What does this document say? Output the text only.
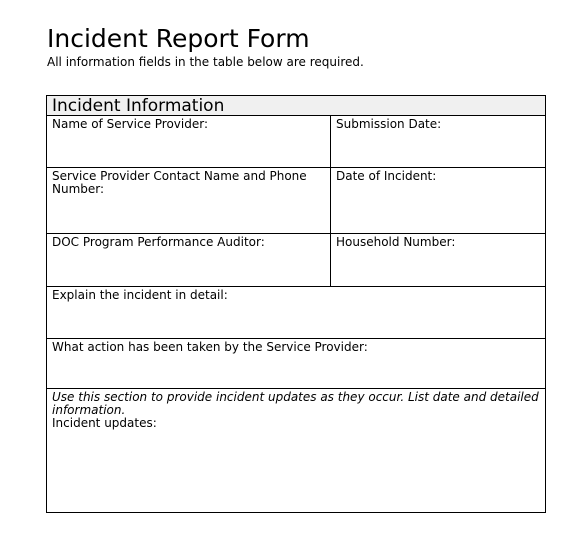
Incident Report Form
All information fields in the table below are required.
Incident Information
Name of Service Provider:	Submission Date:
Service Provider Contact Name and Phone Number:
Date of Incident:
DOC Program Performance Auditor:	Household Number:
Explain the incident in detail:
What action has been taken by the Service Provider:
Use this section to provide incident updates as they occur. List date and detailed information.
Incident updates:
